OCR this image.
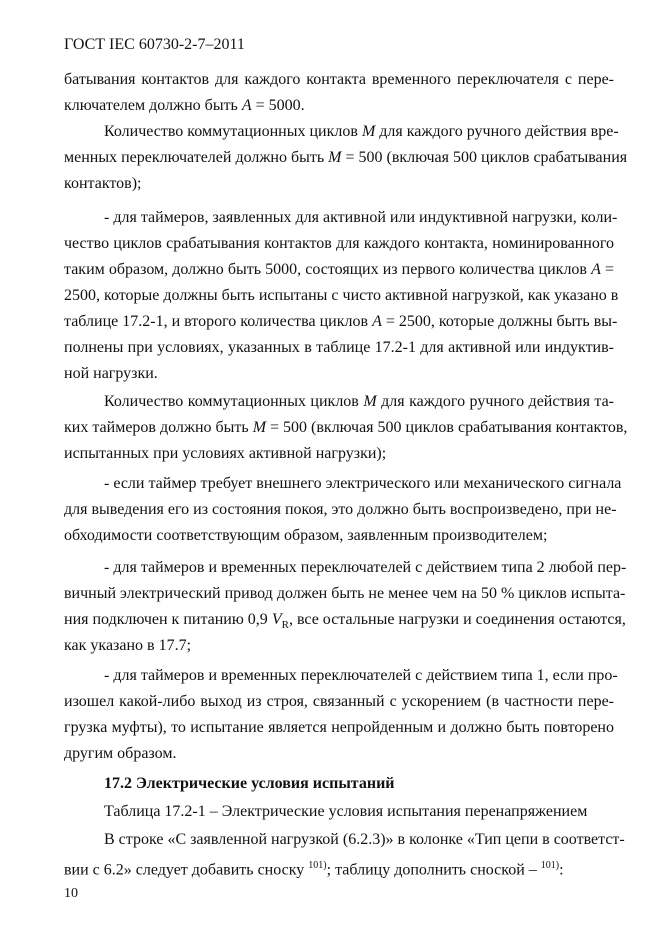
ГОСТ IEC 60730-2-7–2011
батывания контактов для каждого контакта временного переключателя с пере-
ключателем должно быть A = 5000.
Количество коммутационных циклов M для каждого ручного действия вре-
менных переключателей должно быть M = 500 (включая 500 циклов срабатывания
контактов);
- для таймеров, заявленных для активной или индуктивной нагрузки, коли-
чество циклов срабатывания контактов для каждого контакта, номинированного
таким образом, должно быть 5000, состоящих из первого количества циклов A =
2500, которые должны быть испытаны с чисто активной нагрузкой, как указано в
таблице 17.2-1, и второго количества циклов A = 2500, которые должны быть вы-
полнены при условиях, указанных в таблице 17.2-1 для активной или индуктив-
ной нагрузки.
Количество коммутационных циклов M для каждого ручного действия та-
ких таймеров должно быть M = 500 (включая 500 циклов срабатывания контактов,
испытанных при условиях активной нагрузки);
- если таймер требует внешнего электрического или механического сигнала
для выведения его из состояния покоя, это должно быть воспроизведено, при не-
обходимости соответствующим образом, заявленным производителем;
- для таймеров и временных переключателей с действием типа 2 любой пер-
вичный электрический привод должен быть не менее чем на 50 % циклов испыта-
ния подключен к питанию 0,9 $V_R$, все остальные нагрузки и соединения остаются,
как указано в 17.7;
- для таймеров и временных переключателей с действием типа 1, если про-
изошел какой-либо выход из строя, связанный с ускорением (в частности пере-
грузка муфты), то испытание является непройденным и должно быть повторено
другим образом.
17.2 Электрические условия испытаний
Таблица 17.2-1 – Электрические условия испытания перенапряжением
В строке «С заявленной нагрузкой (6.2.3)» в колонке «Тип цепи в соответст-
вии с 6.2» следует добавить сноску $^{101)}$; таблицу дополнить сноской – $^{101)}$:
10
